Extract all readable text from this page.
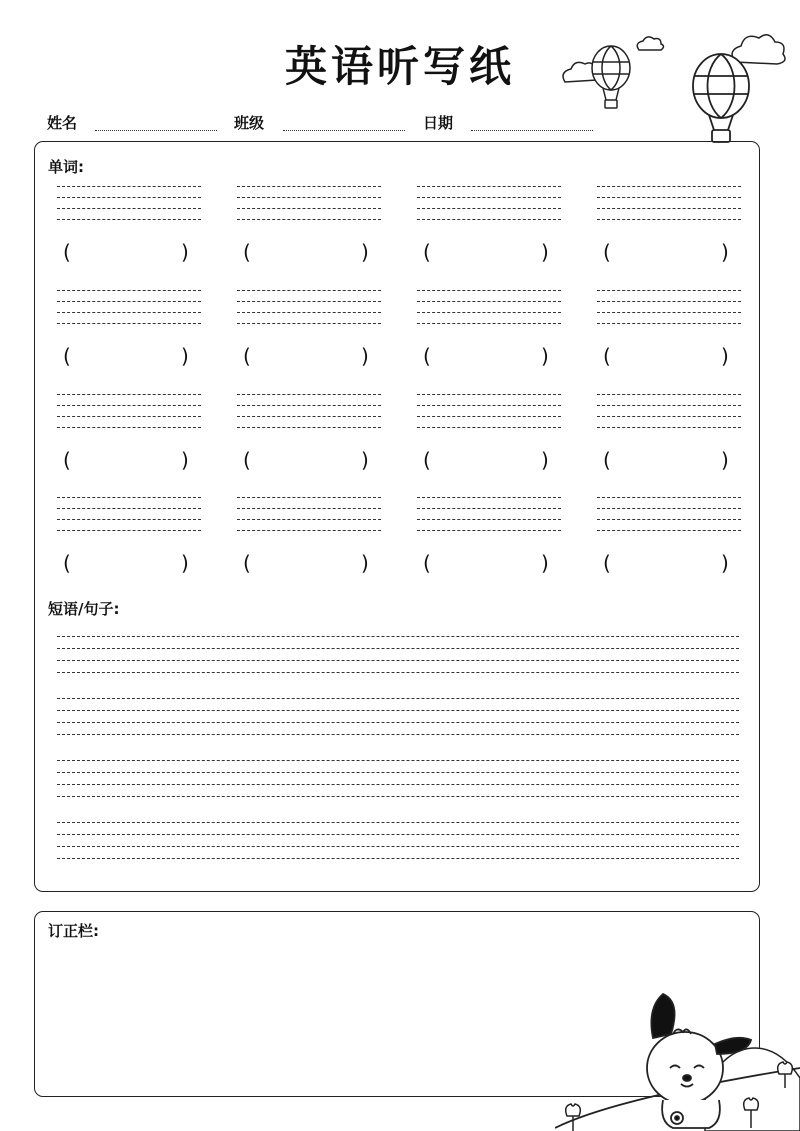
英语听写纸
姓名	班级	日期
单词:
(	)	(	)	(	)	(	)
(	)	(	)	(	)	(	)
(	)	(	)	(	)	(	)
(	)	(	)	(	)	(	)
短语/句子:
订正栏:
